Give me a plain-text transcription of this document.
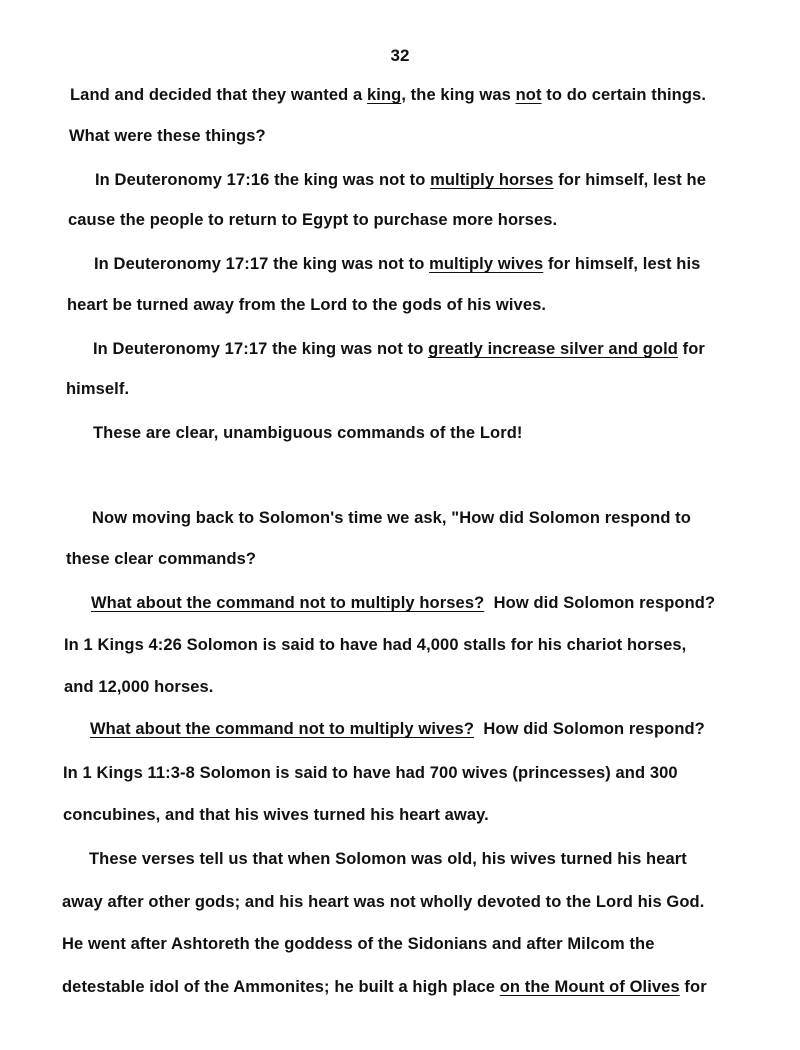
32
Land and decided that they wanted a king, the king was not to do certain things.
What were these things?
In Deuteronomy 17:16 the king was not to multiply horses for himself, lest he
cause the people to return to Egypt to purchase more horses.
In Deuteronomy 17:17 the king was not to multiply wives for himself, lest his
heart be turned away from the Lord to the gods of his wives.
In Deuteronomy 17:17 the king was not to greatly increase silver and gold for
himself.
These are clear, unambiguous commands of the Lord!
Now moving back to Solomon's time we ask, "How did Solomon respond to
these clear commands?
What about the command not to multiply horses?  How did Solomon respond?
In 1 Kings 4:26 Solomon is said to have had 4,000 stalls for his chariot horses,
and 12,000 horses.
What about the command not to multiply wives?  How did Solomon respond?
In 1 Kings 11:3-8 Solomon is said to have had 700 wives (princesses) and 300
concubines, and that his wives turned his heart away.
These verses tell us that when Solomon was old, his wives turned his heart
away after other gods; and his heart was not wholly devoted to the Lord his God.
He went after Ashtoreth the goddess of the Sidonians and after Milcom the
detestable idol of the Ammonites; he built a high place on the Mount of Olives for
